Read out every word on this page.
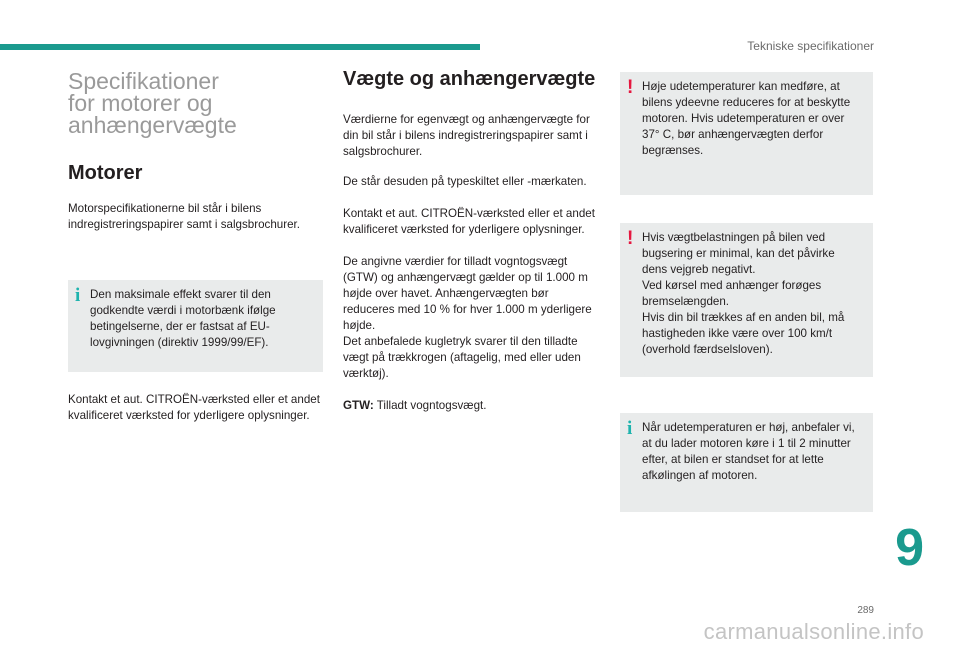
Tekniske specifikationer
Specifikationer
for motorer og
anhængervægte
Motorer

Motorspecifikationerne bil står i bilens indregistreringspapirer samt i salgsbrochurer.

i Den maksimale effekt svarer til den godkendte værdi i motorbænk ifølge betingelserne, der er fastsat af EU-lovgivningen (direktiv 1999/99/EF).

Kontakt et aut. CITROËN-værksted eller et andet kvalificeret værksted for yderligere oplysninger.

Vægte og anhængervægte

Værdierne for egenvægt og anhængervægte for din bil står i bilens indregistreringspapirer samt i salgsbrochurer.

De står desuden på typeskiltet eller -mærkaten.

Kontakt et aut. CITROËN-værksted eller et andet kvalificeret værksted for yderligere oplysninger.

De angivne værdier for tilladt vogntogsvægt (GTW) og anhængervægt gælder op til 1.000 m højde over havet. Anhængervægten bør reduceres med 10 % for hver 1.000 m yderligere højde.

Det anbefalede kugletryk svarer til den tilladte vægt på trækkrogen (aftagelig, med eller uden værktøj).

GTW: Tilladt vogntogsvægt.

! Høje udetemperaturer kan medføre, at bilens ydeevne reduceres for at beskytte motoren. Hvis udetemperaturen er over 37° C, bør anhængervægten derfor begrænses.
! Hvis vægtbelastningen på bilen ved bugsering er minimal, kan det påvirke dens vejgreb negativt.
Ved kørsel med anhænger forøges bremselængden.
Hvis din bil trækkes af en anden bil, må hastigheden ikke være over 100 km/t (overhold færdselsloven).
i Når udetemperaturen er høj, anbefaler vi, at du lader motoren køre i 1 til 2 minutter efter, at bilen er standset for at lette afkølingen af motoren.
9
289
carmanualsonline.info
